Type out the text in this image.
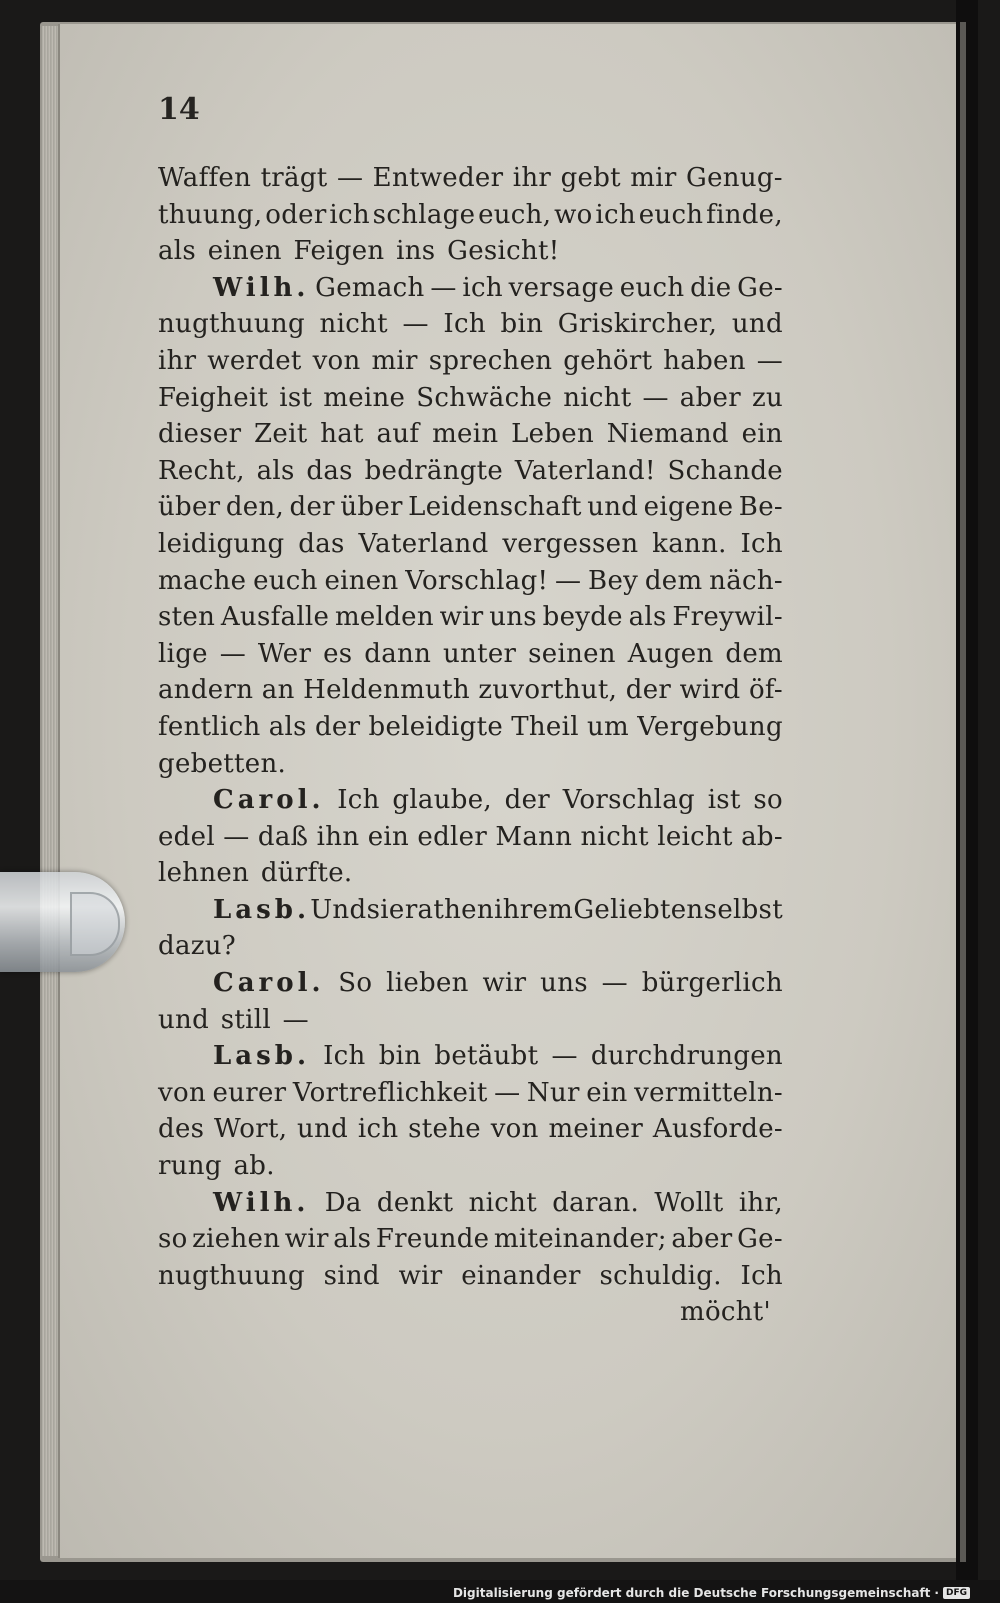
14

Waffen trägt — Entweder ihr gebt mir Genug-
thuung, oder ich schlage euch, wo ich euch finde,
als einen Feigen ins Gesicht!
Wilh. Gemach — ich versage euch die Ge-
nugthuung nicht — Ich bin Griskircher, und
ihr werdet von mir sprechen gehört haben —
Feigheit ist meine Schwäche nicht — aber zu
dieser Zeit hat auf mein Leben Niemand ein
Recht, als das bedrängte Vaterland! Schande
über den, der über Leidenschaft und eigene Be-
leidigung das Vaterland vergessen kann. Ich
mache euch einen Vorschlag! — Bey dem näch-
sten Ausfalle melden wir uns beyde als Freywil-
lige — Wer es dann unter seinen Augen dem
andern an Heldenmuth zuvorthut, der wird öf-
fentlich als der beleidigte Theil um Vergebung
gebetten.
Carol. Ich glaube, der Vorschlag ist so
edel — daß ihn ein edler Mann nicht leicht ab-
lehnen dürfte.
Lasb. Und sie rathen ihrem Geliebten selbst
dazu?
Carol. So lieben wir uns — bürgerlich
und still —
Lasb. Ich bin betäubt — durchdrungen
von eurer Vortreflichkeit — Nur ein vermitteln-
des Wort, und ich stehe von meiner Ausforde-
rung ab.
Wilh. Da denkt nicht daran. Wollt ihr,
so ziehen wir als Freunde miteinander; aber Ge-
nugthuung sind wir einander schuldig. Ich
möcht'
Digitalisierung gefördert durch die Deutsche Forschungsgemeinschaft · DFG
